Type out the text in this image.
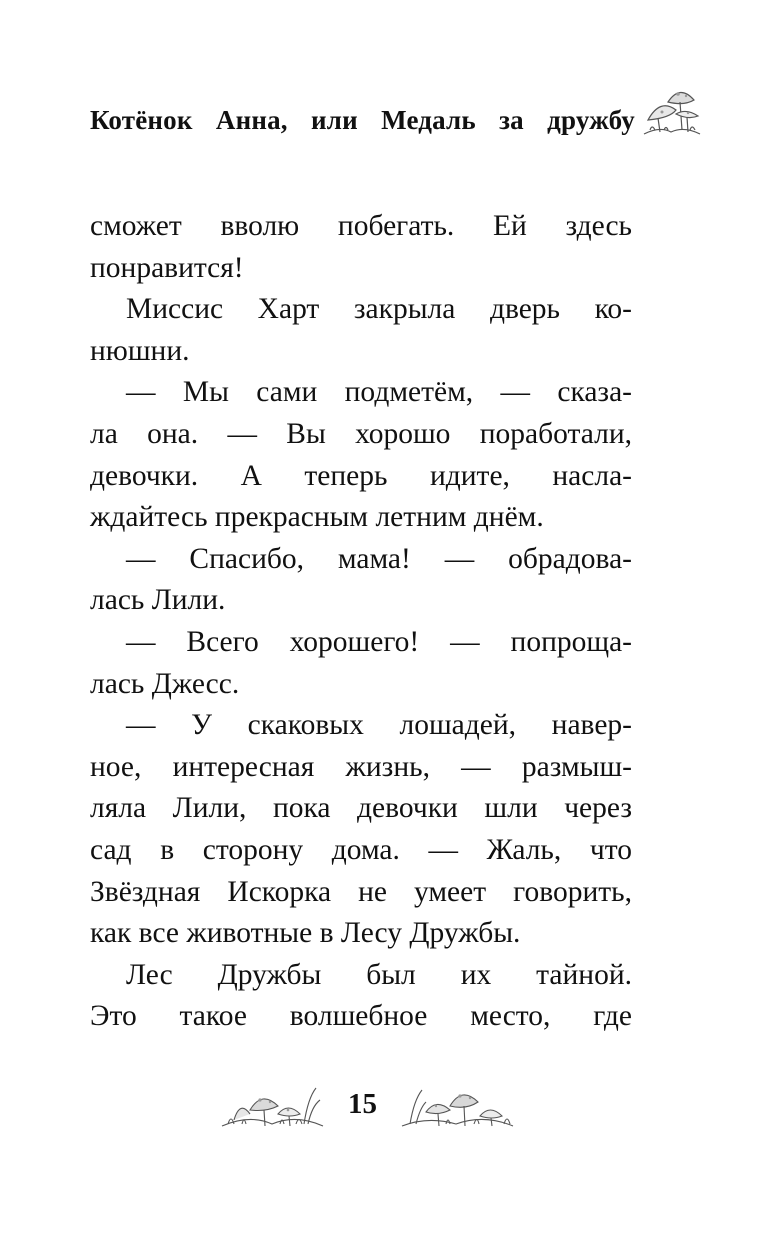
Котёнок Анна, или Медаль за дружбу
сможет вволю побегать. Ей здесь
понравится!
Миссис Харт закрыла дверь ко-
нюшни.
— Мы сами подметём, — сказа-
ла она. — Вы хорошо поработали,
девочки. А теперь идите, насла-
ждайтесь прекрасным летним днём.
— Спасибо, мама! — обрадова-
лась Лили.
— Всего хорошего! — попроща-
лась Джесс.
— У скаковых лошадей, навер-
ное, интересная жизнь, — размыш-
ляла Лили, пока девочки шли через
сад в сторону дома. — Жаль, что
Звёздная Искорка не умеет говорить,
как все животные в Лесу Дружбы.
Лес Дружбы был их тайной.
Это такое волшебное место, где
15
